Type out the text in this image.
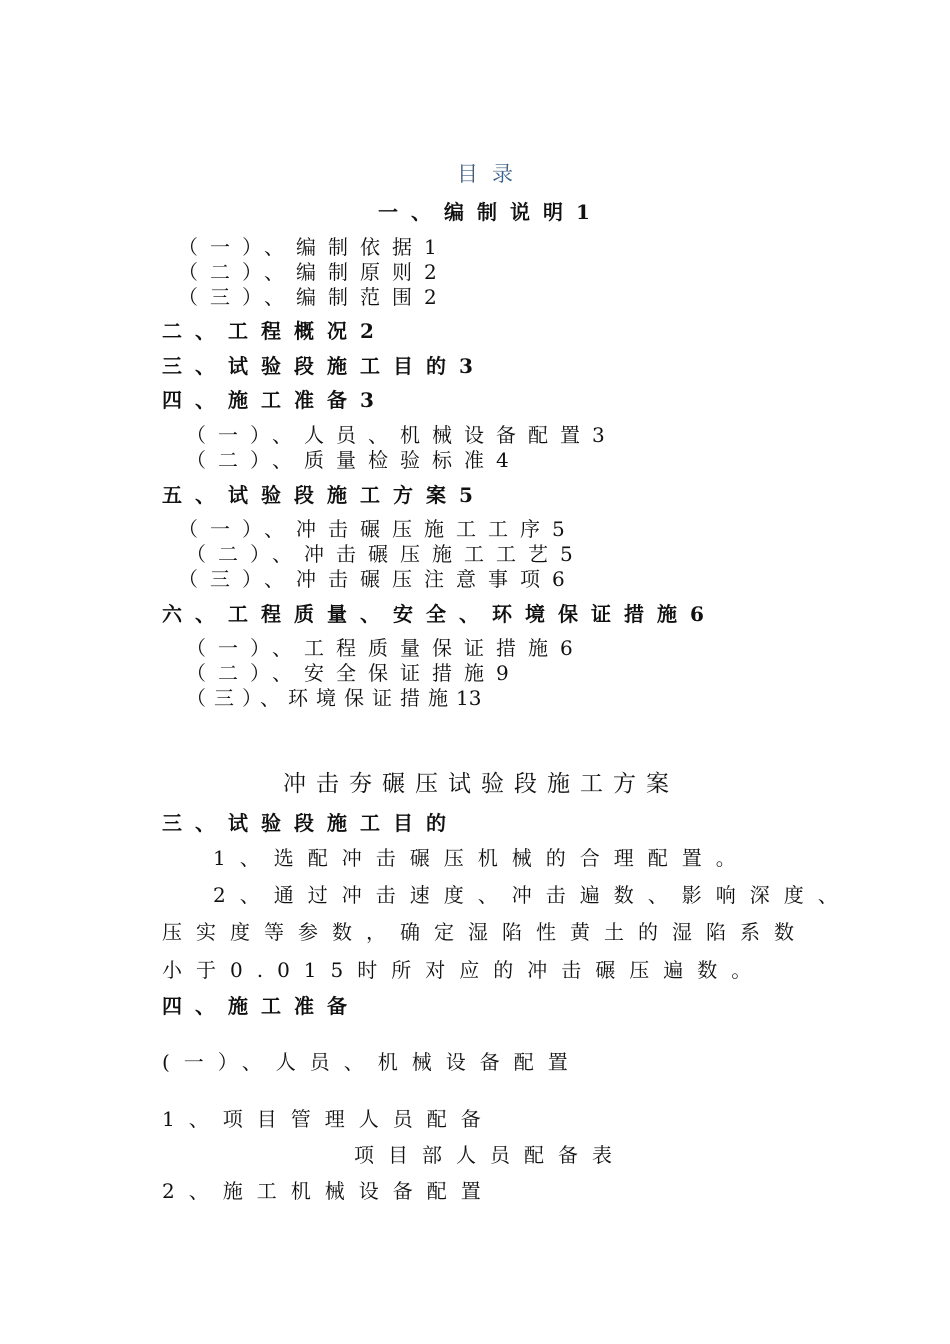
目录
一、编制说明1
（一）、编制依据1
（二）、编制原则2
（三）、编制范围2
二、工程概况2
三、试验段施工目的3
四、施工准备3
（一）、人员、机械设备配置3
（二）、质量检验标准4
五、试验段施工方案5
（一）、冲击碾压施工工序5
（二）、冲击碾压施工工艺5
（三）、冲击碾压注意事项6
六、工程质量、安全、环境保证措施6
（一）、工程质量保证措施6
（二）、安全保证措施9
（三）、环境保证措施13
冲击夯碾压试验段施工方案
三、试验段施工目的
1、选配冲击碾压机械的合理配置。
2、通过冲击速度、冲击遍数、影响深度、
压实度等参数，确定湿陷性黄土的湿陷系数
小于0.015时所对应的冲击碾压遍数。
四、施工准备
(一）、人员、机械设备配置
1、项目管理人员配备
项目部人员配备表
2、施工机械设备配置
